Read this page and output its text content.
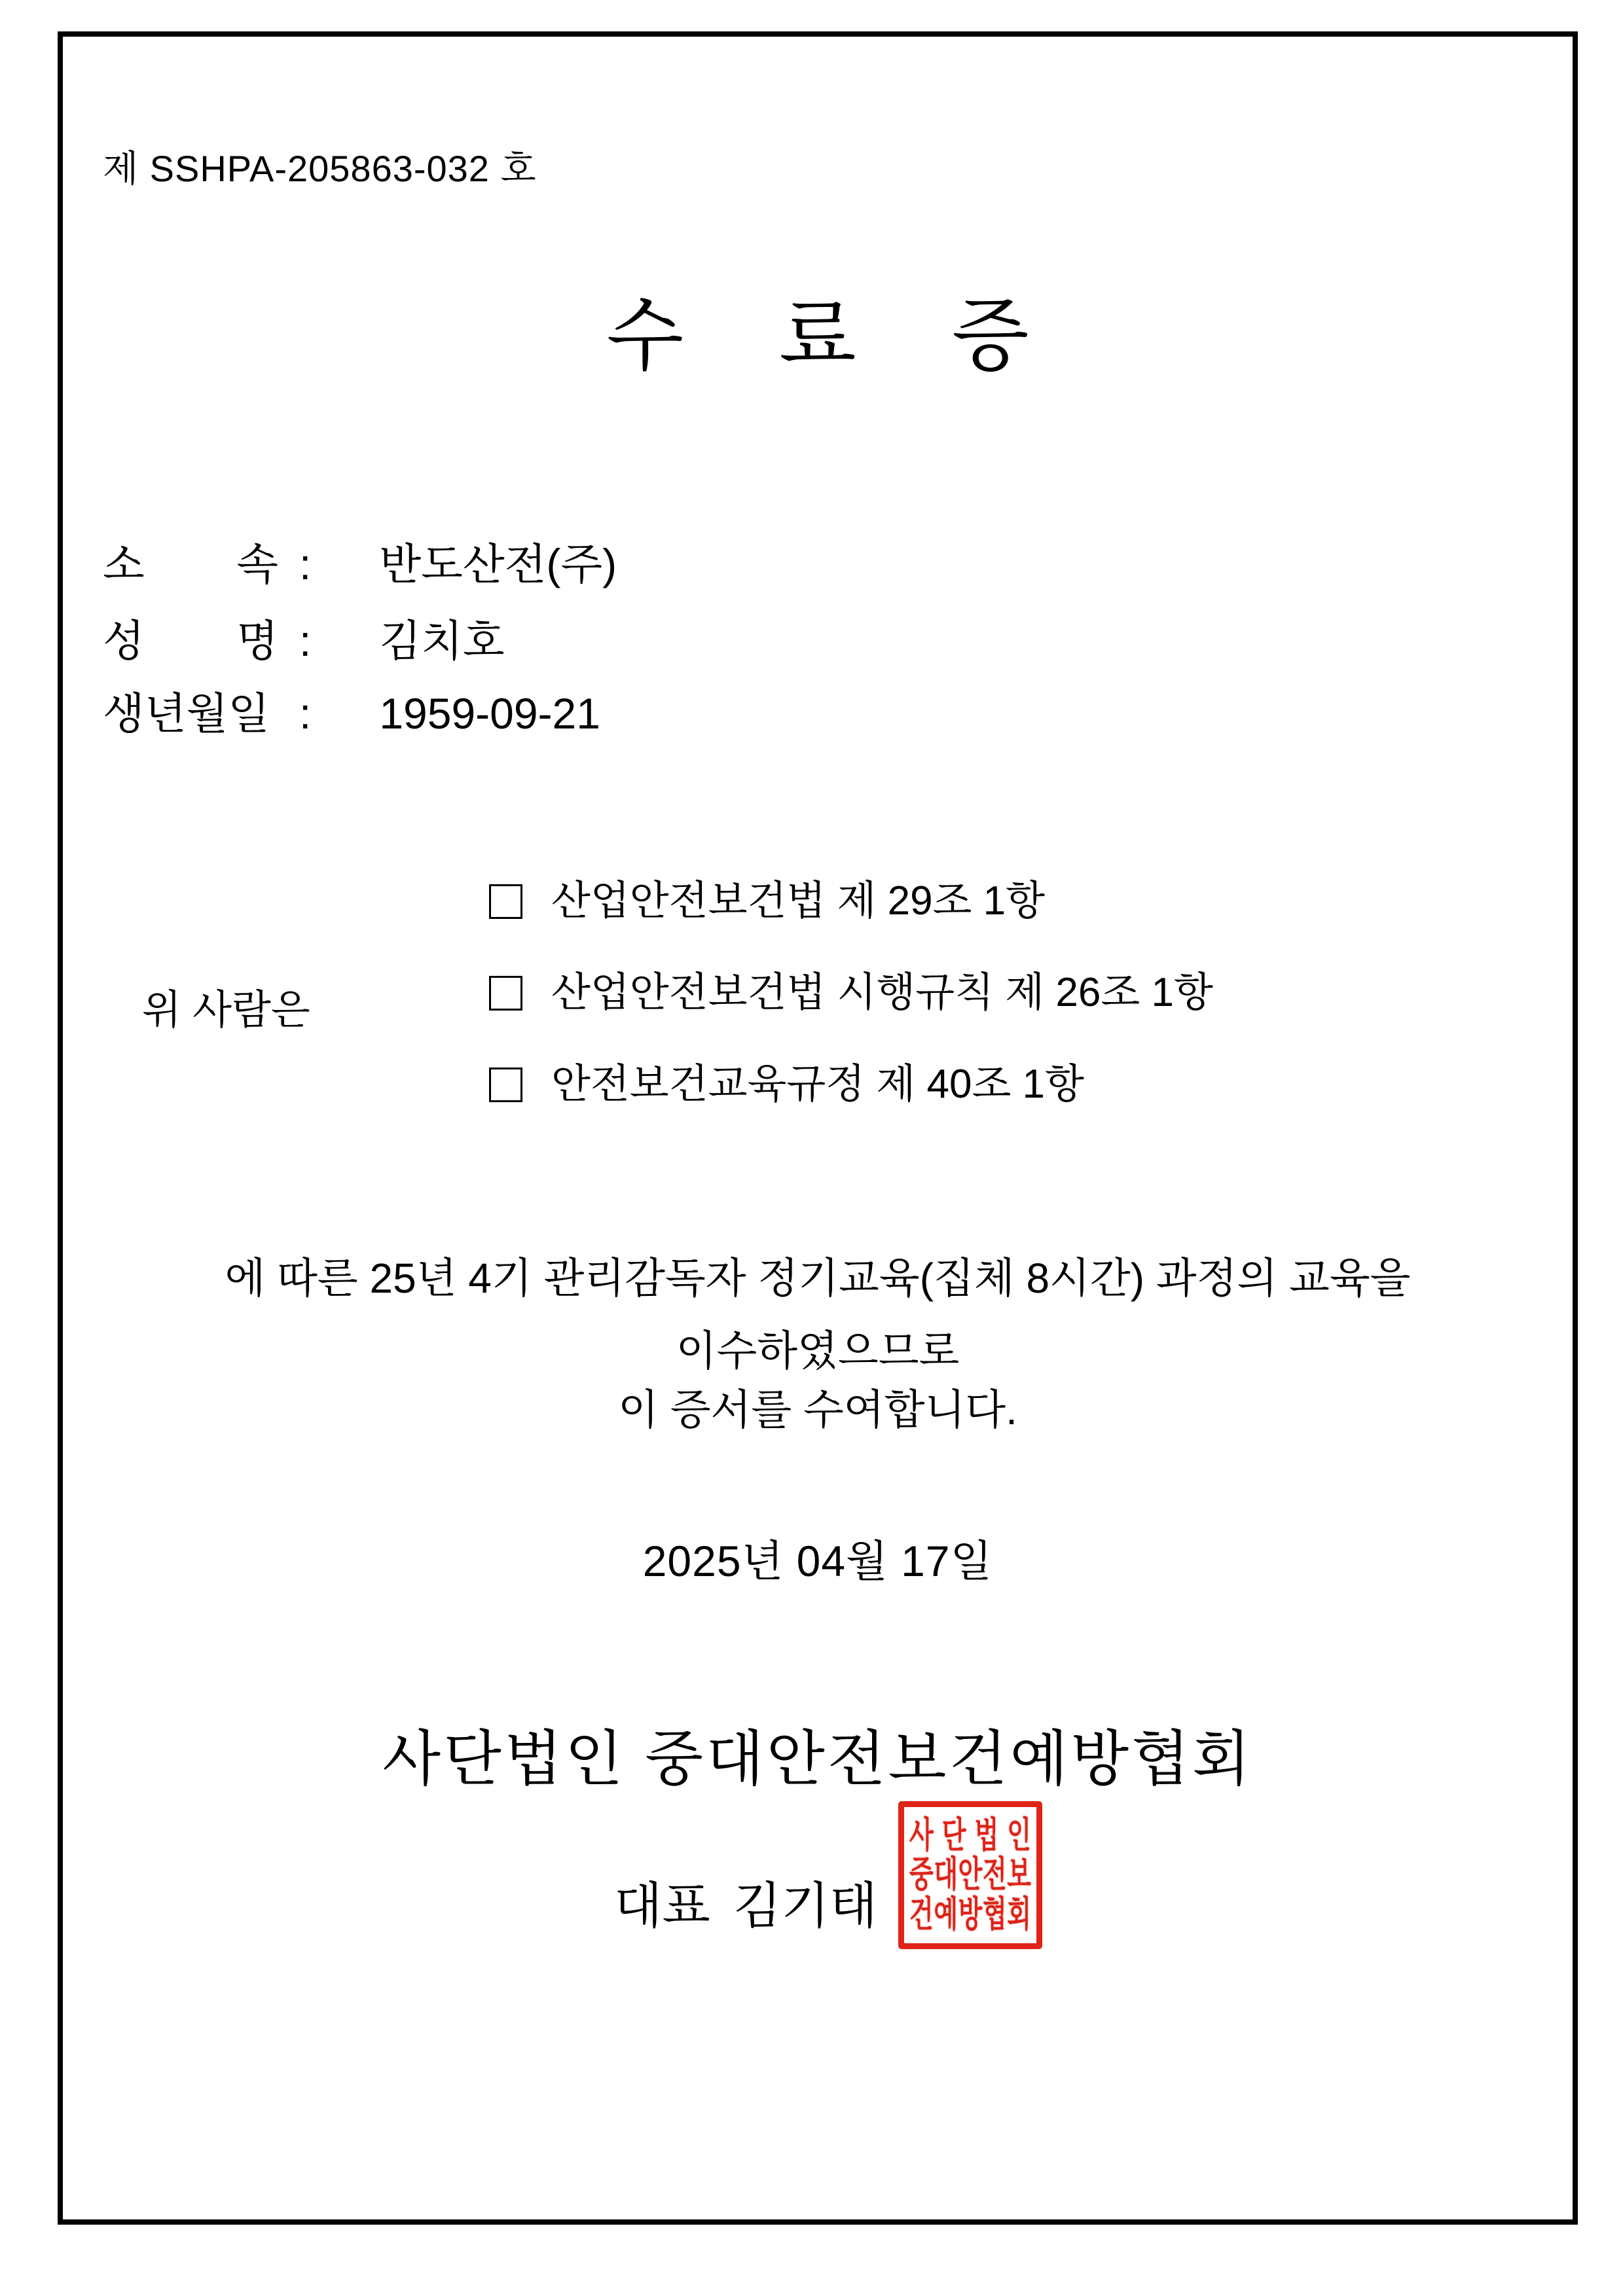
제 SSHPA-205863-032 호
수 료 증
소 속 : 반도산전(주)
성 명 : 김치호
생년월일 : 1959-09-21
위 사람은
산업안전보건법 제 29조 1항
산업안전보건법 시행규칙 제 26조 1항
안전보건교육규정 제 40조 1항
에 따른 25년 4기 관리감독자 정기교육(집체 8시간) 과정의 교육을
이수하였으므로
이 증서를 수여합니다.
2025년 04월 17일
사단법인 중대안전보건예방협회
대표 김기태
사 단 법 인
중 대 안 전 보
건 예 방 협 회
